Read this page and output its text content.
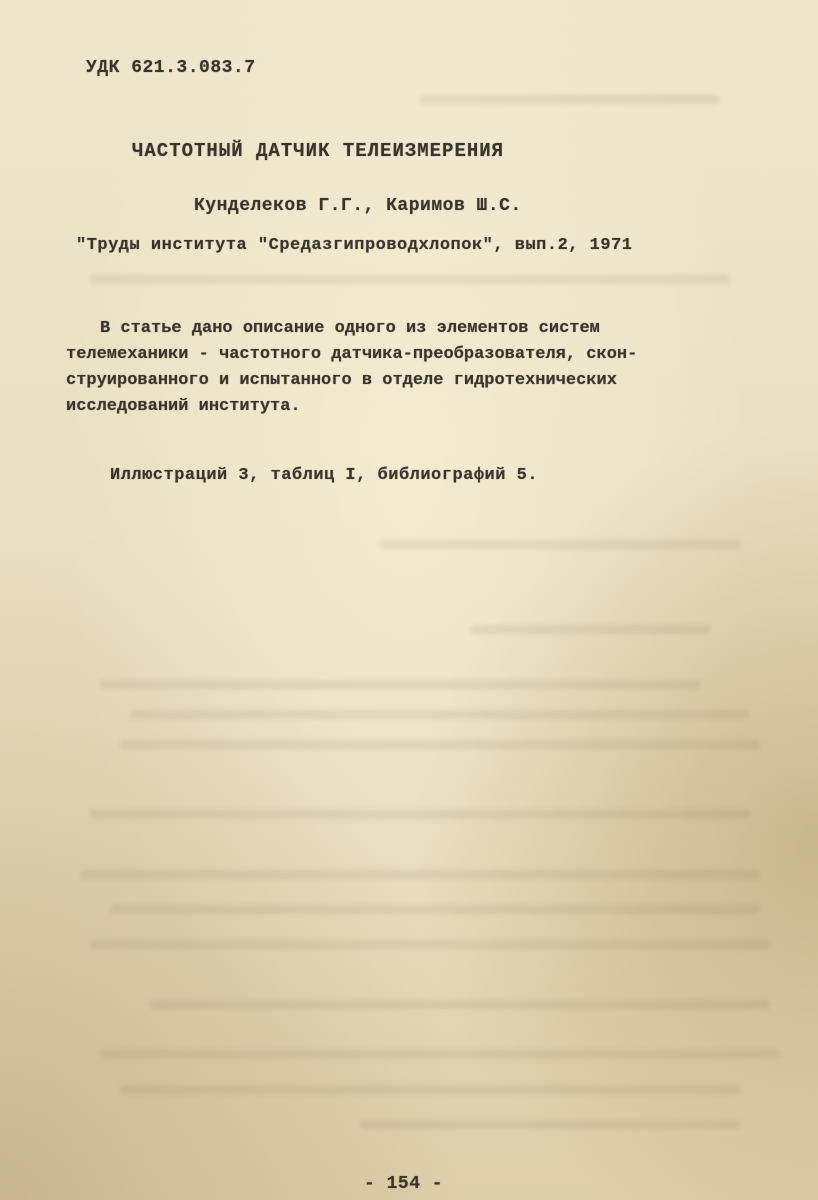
УДК 621.3.083.7
ЧАСТОТНЫЙ ДАТЧИК ТЕЛЕИЗМЕРЕНИЯ
Кунделеков Г.Г., Каримов Ш.С.
"Труды института "Средазгипроводхлопок", вып.2, 1971
В статье дано описание одного из элементов систем
телемеханики - частотного датчика-преобразователя, скон-
струированного и испытанного в отделе гидротехнических
исследований института.
Иллюстраций 3, таблиц I, библиографий 5.
- 154 -
